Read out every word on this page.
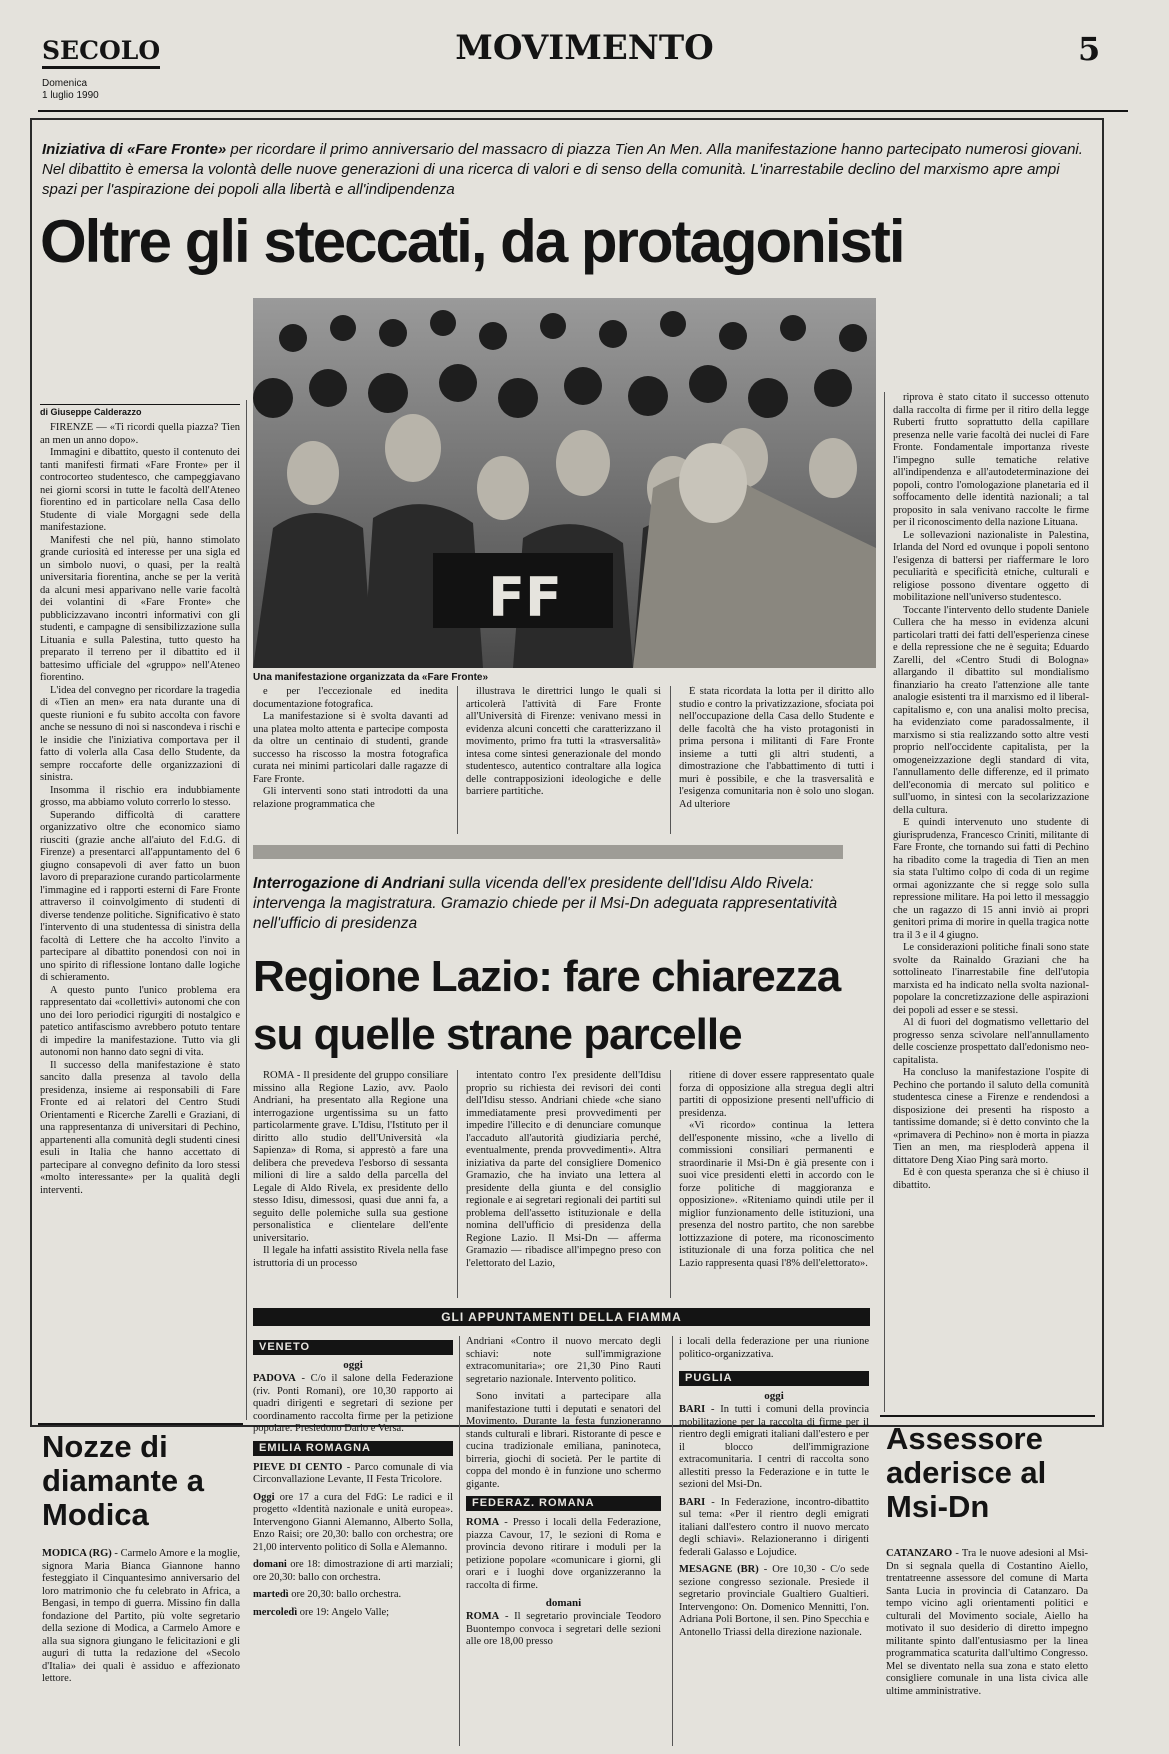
SECOLO
Domenica
1 luglio 1990
MOVIMENTO	5
Iniziativa di «Fare Fronte» per ricordare il primo anniversario del massacro di piazza Tien An Men. Alla manifestazione hanno partecipato numerosi giovani. Nel dibattito è emersa la volontà delle nuove generazioni di una ricerca di valori e di senso della comunità. L'inarrestabile declino del marxismo apre ampi spazi per l'aspirazione dei popoli alla libertà e all'indipendenza
Oltre gli steccati, da protagonisti
FF
Una manifestazione organizzata da «Fare Fronte»
di Giuseppe Calderazzo

FIRENZE — «Ti ricordi quella piazza? Tien an men un anno dopo».

Immagini e dibattito, questo il contenuto dei tanti manifesti firmati «Fare Fronte» per il controcorteo studentesco, che campeggiavano nei giorni scorsi in tutte le facoltà dell'Ateneo fiorentino ed in particolare nella Casa dello Studente di viale Morgagni sede della manifestazione.

Manifesti che nel più, hanno stimolato grande curiosità ed interesse per una sigla ed un simbolo nuovi, o quasi, per la realtà universitaria fiorentina, anche se per la verità da alcuni mesi apparivano nelle varie facoltà dei volantini di «Fare Fronte» che pubblicizzavano incontri informativi con gli studenti, e campagne di sensibilizzazione sulla Lituania e sulla Palestina, tutto questo ha preparato il terreno per il dibattito ed il battesimo ufficiale del «gruppo» nell'Ateneo fiorentino.

L'idea del convegno per ricordare la tragedia di «Tien an men» era nata durante una di queste riunioni e fu subito accolta con favore anche se nessuno di noi si nascondeva i rischi e le insidie che l'iniziativa comportava per il fatto di volerla alla Casa dello Studente, da sempre roccaforte delle organizzazioni di sinistra.

Insomma il rischio era indubbiamente grosso, ma abbiamo voluto correrlo lo stesso.

Superando difficoltà di carattere organizzativo oltre che economico siamo riusciti (grazie anche all'aiuto del F.d.G. di Firenze) a presentarci all'appuntamento del 6 giugno consapevoli di aver fatto un buon lavoro di preparazione curando particolarmente l'immagine ed i rapporti esterni di Fare Fronte attraverso il coinvolgimento di studenti di diverse tendenze politiche. Significativo è stato l'intervento di una studentessa di sinistra della facoltà di Lettere che ha accolto l'invito a partecipare al dibattito ponendosi con noi in uno spirito di riflessione lontano dalle logiche di schieramento.

A questo punto l'unico problema era rappresentato dai «collettivi» autonomi che con uno dei loro periodici rigurgiti di nostalgico e patetico antifascismo avrebbero potuto tentare di impedire la manifestazione. Tutto via gli autonomi non hanno dato segni di vita.

Il successo della manifestazione è stato sancito dalla presenza al tavolo della presidenza, insieme ai responsabili di Fare Fronte ed ai relatori del Centro Studi Orientamenti e Ricerche Zarelli e Graziani, di una rappresentanza di universitari di Pechino, appartenenti alla comunità degli studenti cinesi esuli in Italia che hanno accettato di partecipare al convegno definito da loro stessi «molto interessante» per la qualità degli interventi.

e per l'eccezionale ed inedita documentazione fotografica.

La manifestazione si è svolta davanti ad una platea molto attenta e partecipe composta da oltre un centinaio di studenti, grande successo ha riscosso la mostra fotografica curata nei minimi particolari dalle ragazze di Fare Fronte.

Gli interventi sono stati introdotti da una relazione programmatica che

illustrava le direttrici lungo le quali si articolerà l'attività di Fare Fronte all'Università di Firenze: venivano messi in evidenza alcuni concetti che caratterizzano il movimento, primo fra tutti la «trasversalità» intesa come sintesi generazionale del mondo studentesco, autentico contraltare alla logica delle contrapposizioni ideologiche e delle barriere partitiche.

È stata ricordata la lotta per il diritto allo studio e contro la privatizzazione, sfociata poi nell'occupazione della Casa dello Studente e delle facoltà che ha visto protagonisti in prima persona i militanti di Fare Fronte insieme a tutti gli altri studenti, a dimostrazione che l'abbattimento di tutti i muri è possibile, e che la trasversalità e l'esigenza comunitaria non è solo uno slogan. Ad ulteriore

riprova è stato citato il successo ottenuto dalla raccolta di firme per il ritiro della legge Ruberti frutto soprattutto della capillare presenza nelle varie facoltà dei nuclei di Fare Fronte. Fondamentale importanza riveste l'impegno sulle tematiche relative all'indipendenza e all'autodeterminazione dei popoli, contro l'omologazione planetaria ed il soffocamento delle identità nazionali; a tal proposito in sala venivano raccolte le firme per il riconoscimento della nazione Lituana.

Le sollevazioni nazionaliste in Palestina, Irlanda del Nord ed ovunque i popoli sentono l'esigenza di battersi per riaffermare le loro peculiarità e specificità etniche, culturali e religiose possono diventare oggetto di mobilitazione nell'universo studentesco.

Toccante l'intervento dello studente Daniele Cullera che ha messo in evidenza alcuni particolari tratti dei fatti dell'esperienza cinese e della repressione che ne è seguita; Eduardo Zarelli, del «Centro Studi di Bologna» allargando il dibattito sul mondialismo finanziario ha creato l'attenzione alle tante analogie esistenti tra il marxismo ed il liberal-capitalismo e, con una analisi molto precisa, ha evidenziato come paradossalmente, il marxismo si stia realizzando sotto altre vesti proprio nell'occidente capitalista, per la omogeneizzazione degli standard di vita, l'annullamento delle differenze, ed il primato dell'economia di mercato sul politico e sull'uomo, in sintesi con la secolarizzazione della cultura.

E quindi intervenuto uno studente di giurisprudenza, Francesco Criniti, militante di Fare Fronte, che tornando sui fatti di Pechino ha ribadito come la tragedia di Tien an men sia stata l'ultimo colpo di coda di un regime ormai agonizzante che si regge solo sulla repressione militare. Ha poi letto il messaggio che un ragazzo di 15 anni inviò ai propri genitori prima di morire in quella tragica notte tra il 3 e il 4 giugno.

Le considerazioni politiche finali sono state svolte da Rainaldo Graziani che ha sottolineato l'inarrestabile fine dell'utopia marxista ed ha indicato nella svolta nazional-popolare la concretizzazione delle aspirazioni dei popoli ad esser e se stessi.

Al di fuori del dogmatismo vellettario del progresso senza scivolare nell'annullamento delle coscienze prospettato dall'edonismo neo-capitalista.

Ha concluso la manifestazione l'ospite di Pechino che portando il saluto della comunità studentesca cinese a Firenze e rendendosi a disposizione dei presenti ha risposto a tantissime domande; si è detto convinto che la «primavera di Pechino» non è morta in piazza Tien an men, ma riesploderà appena il dittatore Deng Xiao Ping sarà morto.

Ed è con questa speranza che si è chiuso il dibattito.

Interrogazione di Andriani sulla vicenda dell'ex presidente dell'Idisu Aldo Rivela: intervenga la magistratura. Gramazio chiede per il Msi-Dn adeguata rappresentatività nell'ufficio di presidenza
Regione Lazio: fare chiarezza su quelle strane parcelle

ROMA - Il presidente del gruppo consiliare missino alla Regione Lazio, avv. Paolo Andriani, ha presentato alla Regione una interrogazione urgentissima su un fatto particolarmente grave. L'Idisu, l'Istituto per il diritto allo studio dell'Università «la Sapienza» di Roma, si apprestò a fare una delibera che prevedeva l'esborso di sessanta milioni di lire a saldo della parcella del Legale di Aldo Rivela, ex presidente dello stesso Idisu, dimessosi, quasi due anni fa, a seguito delle polemiche sulla sua gestione personalistica e clientelare dell'ente universitario.

Il legale ha infatti assistito Rivela nella fase istruttoria di un processo

intentato contro l'ex presidente dell'Idisu proprio su richiesta dei revisori dei conti dell'Idisu stesso. Andriani chiede «che siano immediatamente presi provvedimenti per impedire l'illecito e di denunciare comunque l'accaduto all'autorità giudiziaria perché, eventualmente, prenda provvedimenti». Altra iniziativa da parte del consigliere Domenico Gramazio, che ha inviato una lettera al presidente della giunta e del consiglio regionale e ai segretari regionali dei partiti sul problema dell'assetto istituzionale e della nomina dell'ufficio di presidenza della Regione Lazio. Il Msi-Dn — afferma Gramazio — ribadisce all'impegno preso con l'elettorato del Lazio,

ritiene di dover essere rappresentato quale forza di opposizione alla stregua degli altri partiti di opposizione presenti nell'ufficio di presidenza.

«Vi ricordo» continua la lettera dell'esponente missino, «che a livello di commissioni consiliari permanenti e straordinarie il Msi-Dn è già presente con i suoi vice presidenti eletti in accordo con le forze politiche di maggioranza e opposizione». «Riteniamo quindi utile per il miglior funzionamento delle istituzioni, una presenza del nostro partito, che non sarebbe lottizzazione di potere, ma riconoscimento istituzionale di una forza politica che nel Lazio rappresenta quasi l'8% dell'elettorato».

GLI APPUNTAMENTI DELLA FIAMMA
VENETO
oggi

PADOVA - C/o il salone della Federazione (riv. Ponti Romani), ore 10,30 rapporto ai quadri dirigenti e segretari di sezione per coordinamento raccolta firme per la petizione popolare. Presiedono Dario e Versa.

EMILIA ROMAGNA

PIEVE DI CENTO - Parco comunale di via Circonvallazione Levante, II Festa Tricolore.

Oggi ore 17 a cura del FdG: Le radici e il progetto «Identità nazionale e unità europea». Intervengono Gianni Alemanno, Alberto Solla, Enzo Raisi; ore 20,30: ballo con orchestra; ore 21,00 intervento politico di Solla e Alemanno.

domani ore 18: dimostrazione di arti marziali; ore 20,30: ballo con orchestra.

martedì ore 20,30: ballo orchestra.

mercoledì ore 19: Angelo Valle;

Andriani «Contro il nuovo mercato degli schiavi: note sull'immigrazione extracomunitaria»; ore 21,30 Pino Rauti segretario nazionale. Intervento politico.

Sono invitati a partecipare alla manifestazione tutti i deputati e senatori del Movimento. Durante la festa funzioneranno stands culturali e librari. Ristorante di pesce e cucina tradizionale emiliana, paninoteca, birreria, giochi di società. Per le partite di coppa del mondo è in funzione uno schermo gigante.

FEDERAZ. ROMANA

ROMA - Presso i locali della Federazione, piazza Cavour, 17, le sezioni di Roma e provincia devono ritirare i moduli per la petizione popolare «comunicare i giorni, gli orari e i luoghi dove organizzeranno la raccolta di firme.

domani

ROMA - Il segretario provinciale Teodoro Buontempo convoca i segretari delle sezioni alle ore 18,00 presso

i locali della federazione per una riunione politico-organizzativa.

PUGLIA
oggi

BARI - In tutti i comuni della provincia mobilitazione per la raccolta di firme per il rientro degli emigrati italiani dall'estero e per il blocco dell'immigrazione extracomunitaria. I centri di raccolta sono allestiti presso la Federazione e in tutte le sezioni del Msi-Dn.

BARI - In Federazione, incontro-dibattito sul tema: «Per il rientro degli emigrati italiani dall'estero contro il nuovo mercato degli schiavi». Relazioneranno i dirigenti federali Galasso e Lojudice.

MESAGNE (BR) - Ore 10,30 - C/o sede sezione congresso sezionale. Presiede il segretario provinciale Gualtiero Gualtieri. Intervengono: On. Domenico Mennitti, l'on. Adriana Poli Bortone, il sen. Pino Specchia e Antonello Triassi della direzione nazionale.

Nozze di diamante a Modica

MODICA (RG) - Carmelo Amore e la moglie, signora Maria Bianca Giannone hanno festeggiato il Cinquantesimo anniversario del loro matrimonio che fu celebrato in Africa, a Bengasi, in tempo di guerra. Missino fin dalla fondazione del Partito, più volte segretario della sezione di Modica, a Carmelo Amore e alla sua signora giungano le felicitazioni e gli auguri di tutta la redazione del «Secolo d'Italia» dei quali è assiduo e affezionato lettore.

Assessore aderisce al Msi-Dn

CATANZARO - Tra le nuove adesioni al Msi-Dn si segnala quella di Costantino Aiello, trentatreenne assessore del comune di Marta Santa Lucia in provincia di Catanzaro. Da tempo vicino agli orientamenti politici e culturali del Movimento sociale, Aiello ha motivato il suo desiderio di diretto impegno militante spinto dall'entusiasmo per la linea programmatica scaturita dall'ultimo Congresso. Mel se diventato nella sua zona e stato eletto consigliere comunale in una lista civica alle ultime amministrative.
